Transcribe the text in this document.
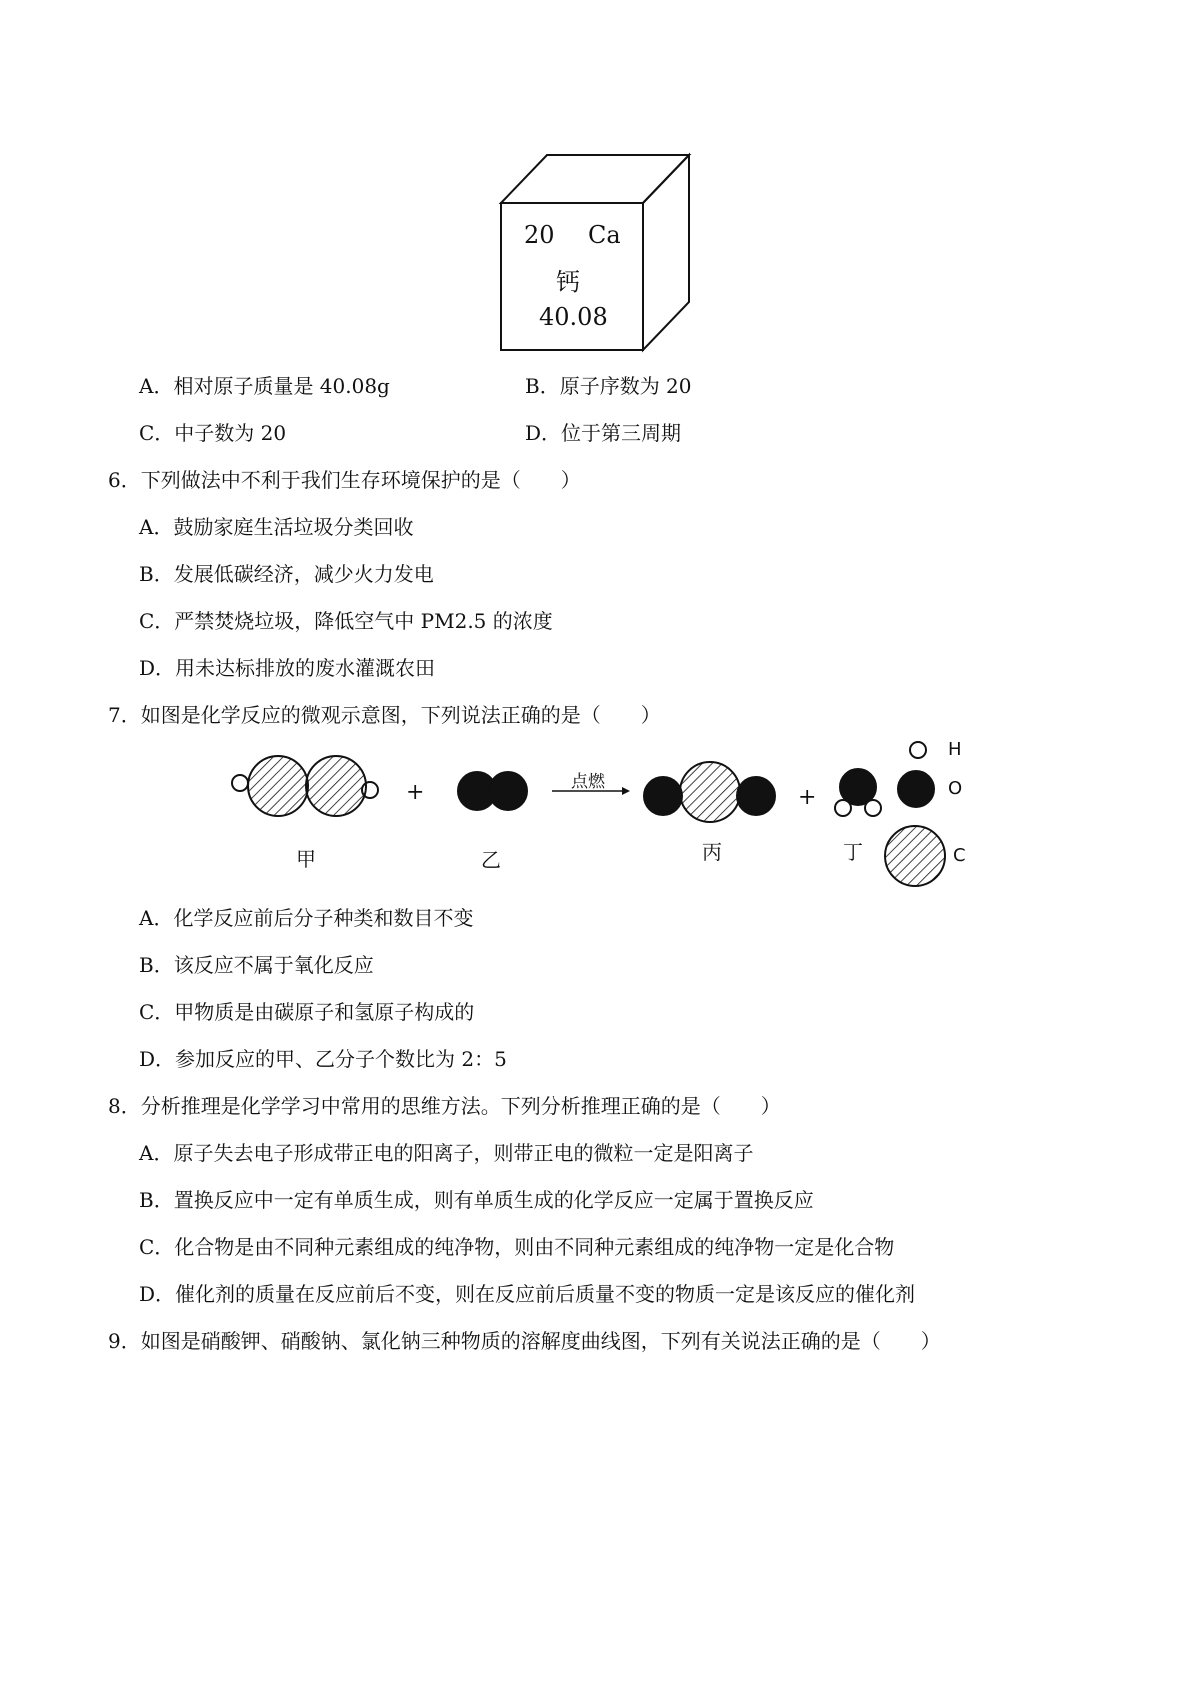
20 Ca
钙
40.08
A．相对原子质量是 40.08g	B．原子序数为 20
C．中子数为 20	D．位于第三周期
6．下列做法中不利于我们生存环境保护的是（　　）
A．鼓励家庭生活垃圾分类回收
B．发展低碳经济，减少火力发电
C．严禁焚烧垃圾，降低空气中 PM2.5 的浓度
D．用未达标排放的废水灌溉农田
7．如图是化学反应的微观示意图，下列说法正确的是（　　）
+	点燃
+
甲	乙	丙	丁
H
O
C
A．化学反应前后分子种类和数目不变
B．该反应不属于氧化反应
C．甲物质是由碳原子和氢原子构成的
D．参加反应的甲、乙分子个数比为 2：5
8．分析推理是化学学习中常用的思维方法。下列分析推理正确的是（　　）
A．原子失去电子形成带正电的阳离子，则带正电的微粒一定是阳离子
B．置换反应中一定有单质生成，则有单质生成的化学反应一定属于置换反应
C．化合物是由不同种元素组成的纯净物，则由不同种元素组成的纯净物一定是化合物
D．催化剂的质量在反应前后不变，则在反应前后质量不变的物质一定是该反应的催化剂
9．如图是硝酸钾、硝酸钠、氯化钠三种物质的溶解度曲线图，下列有关说法正确的是（　　）
